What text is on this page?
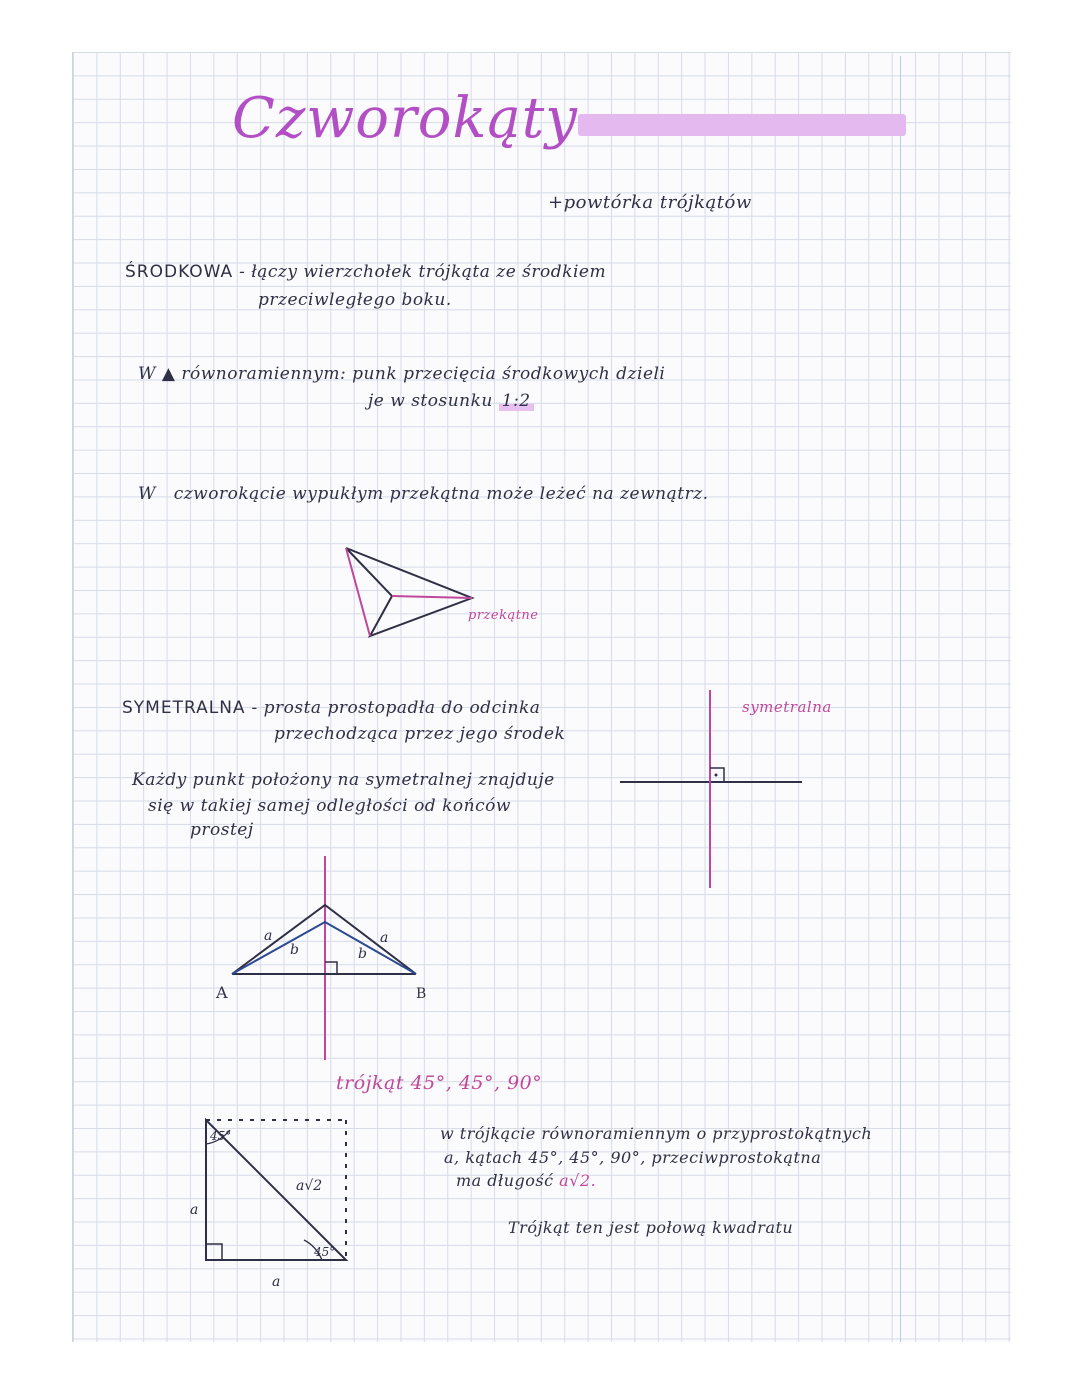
Czworokąty
+powtórka trójkątów
ŚRODKOWA - łączy wierzchołek trójkąta ze środkiem
przeciwległego boku.
W ▲ równoramiennym: punk przecięcia środkowych dzieli
je w stosunku 1:2
W czworokącie wypukłym przekątna może leżeć na zewnątrz.
przekątne
SYMETRALNA - prosta prostopadła do odcinka
przechodząca przez jego środek
symetralna
Każdy punkt położony na symetralnej znajduje
się w takiej samej odległości od końców
prostej
a
b
a
b
A	B
trójkąt 45°, 45°, 90°
45°
45°
a√2
a
a
w trójkącie równoramiennym o przyprostokątnych
a, kątach 45°, 45°, 90°, przeciwprostokątna
ma długość a√2.
Trójkąt ten jest połową kwadratu
